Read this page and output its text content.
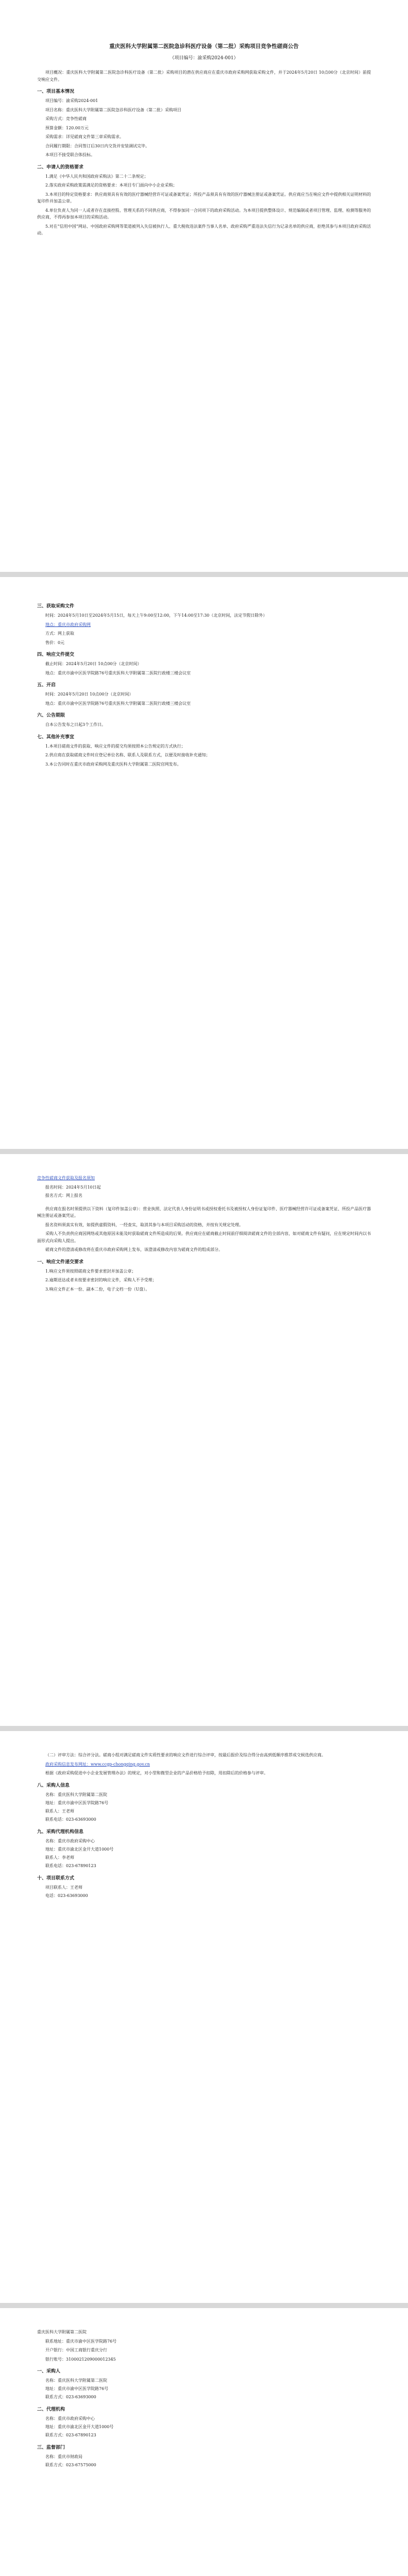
重庆医科大学附属第二医院急诊科医疗设备（第二批）采购项目竞争性磋商公告
（项目编号：渝采购2024-001）
项目概况：重庆医科大学附属第二医院急诊科医疗设备（第二批）采购项目的潜在供应商应在重庆市政府采购网获取采购文件，并于2024年5月20日 10点00分（北京时间）前提交响应文件。
一、项目基本情况
项目编号：渝采购2024-001
项目名称：重庆医科大学附属第二医院急诊科医疗设备（第二批）采购项目
采购方式：竞争性磋商
预算金额：120.00万元
采购需求：详见磋商文件第三章采购需求。
合同履行期限：合同签订后30日内交货并安装调试完毕。
本项目不接受联合体投标。
二、申请人的资格要求
1.满足《中华人民共和国政府采购法》第二十二条规定；
2.落实政府采购政策需满足的资格要求：本项目专门面向中小企业采购；
3.本项目的特定资格要求：供应商须具有有效的医疗器械经营许可证或备案凭证；所投产品须具有有效的医疗器械注册证或备案凭证。供应商应当在响应文件中提供相关证明材料的复印件并加盖公章。
4.单位负责人为同一人或者存在直接控股、管理关系的不同供应商，不得参加同一合同项下的政府采购活动。为本项目提供整体设计、规范编制或者项目管理、监理、检测等服务的供应商，不得再参加本项目的采购活动。
5.对在“信用中国”网站、中国政府采购网等渠道被列入失信被执行人、重大税收违法案件当事人名单、政府采购严重违法失信行为记录名单的供应商，拒绝其参与本项目政府采购活动。
三、获取采购文件
时间：2024年5月10日至2024年5月15日，每天上午9:00至12:00，下午14:00至17:30（北京时间，法定节假日除外）
地点：重庆市政府采购网
方式：网上获取
售价：0元
四、响应文件提交
截止时间：2024年5月20日 10点00分（北京时间）
地点：重庆市渝中区医学院路76号重庆医科大学附属第二医院行政楼三楼会议室
五、开启
时间：2024年5月20日 10点00分（北京时间）
地点：重庆市渝中区医学院路76号重庆医科大学附属第二医院行政楼三楼会议室
六、公告期限
自本公告发布之日起3个工作日。
七、其他补充事宜
1.本项目磋商文件的获取、响应文件的提交均须按照本公告规定的方式执行；
2.供应商在获取磋商文件时应登记单位名称、联系人及联系方式，以便及时接收补充通知；
3.本公告同时在重庆市政府采购网及重庆医科大学附属第二医院官网发布。
竞争性磋商文件获取及报名须知
报名时间：2024年5月10日起
报名方式：网上报名
供应商在报名时须提供以下资料（复印件加盖公章）：营业执照、法定代表人身份证明书或授权委托书及被授权人身份证复印件、医疗器械经营许可证或备案凭证、所投产品医疗器械注册证或备案凭证。
报名资料须真实有效，如提供虚假资料，一经查实，取消其参与本项目采购活动的资格，并按有关规定处理。
采购人不负责供应商因网络或其他原因未能及时获取磋商文件所造成的后果。供应商应在磋商截止时间前仔细阅读磋商文件的全部内容，如对磋商文件有疑问，应在规定时间内以书面形式向采购人提出。
磋商文件的澄清或修改将在重庆市政府采购网上发布，该澄清或修改内容为磋商文件的组成部分。
一、响应文件递交要求
1.响应文件须按照磋商文件要求密封并加盖公章；
2.逾期送达或者未按要求密封的响应文件，采购人不予受理；
3.响应文件正本一份、副本二份，电子文档一份（U盘）。
（二）评审方法：综合评分法。磋商小组对满足磋商文件实质性要求的响应文件进行综合评审，按最后报价及综合得分由高到低顺序推荐成交候选供应商。
政府采购信息发布网址：www.ccgp-chongqing.gov.cn
根据《政府采购促进中小企业发展管理办法》的规定，对小型和微型企业的产品价格给予扣除，用扣除后的价格参与评审。
八、采购人信息
名称：重庆医科大学附属第二医院
地址：重庆市渝中区医学院路76号
联系人：王老师
联系电话：023-63693000
九、采购代理机构信息
名称：重庆市政府采购中心
地址：重庆市渝北区金开大道1000号
联系人：李老师
联系电话：023-67890123
十、项目联系方式
项目联系人：王老师
电话：023-63693000
重庆医科大学附属第二医院
联系地址：重庆市渝中区医学院路76号
开户银行：中国工商银行重庆分行
银行账号：3100021209000012345
一、采购人
名称：重庆医科大学附属第二医院
地址：重庆市渝中区医学院路76号
联系方式：023-63693000
二、代理机构
名称：重庆市政府采购中心
地址：重庆市渝北区金开大道1000号
联系方式：023-67890123
三、监督部门
名称：重庆市财政局
联系方式：023-67575000
